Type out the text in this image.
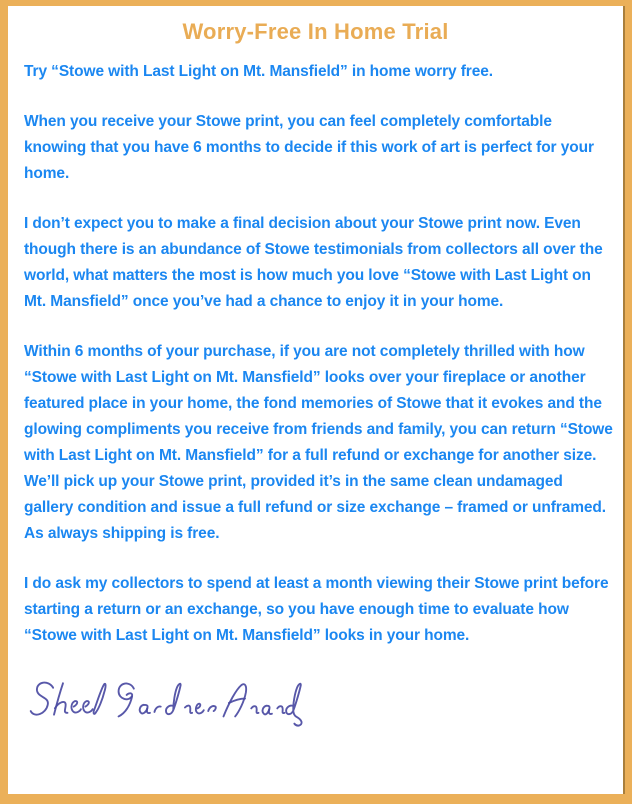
Worry-Free In Home Trial

Try “Stowe with Last Light on Mt. Mansfield” in home worry free.

When you receive your Stowe print, you can feel completely comfortable knowing that you have 6 months to decide if this work of art is perfect for your home.

I don’t expect you to make a final decision about your Stowe print now. Even though there is an abundance of Stowe testimonials from collectors all over the world, what matters the most is how much you love “Stowe with Last Light on Mt. Mansfield” once you’ve had a chance to enjoy it in your home.

Within 6 months of your purchase, if you are not completely thrilled with how “Stowe with Last Light on Mt. Mansfield” looks over your fireplace or another featured place in your home, the fond memories of Stowe that it evokes and the glowing compliments you receive from friends and family, you can return “Stowe with Last Light on Mt. Mansfield” for a full refund or exchange for another size. We’ll pick up your Stowe print, provided it’s in the same clean undamaged gallery condition and issue a full refund or size exchange – framed or unframed. As always shipping is free.

I do ask my collectors to spend at least a month viewing their Stowe print before starting a return or an exchange, so you have enough time to evaluate how “Stowe with Last Light on Mt. Mansfield” looks in your home.
